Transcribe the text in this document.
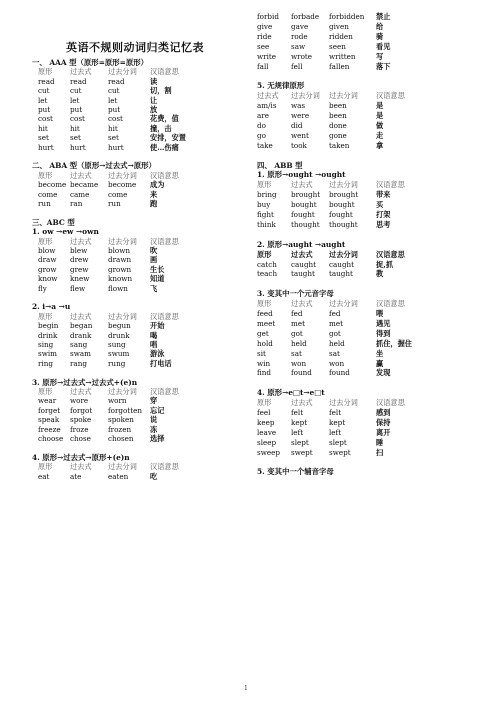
英语不规则动词归类记忆表
一、 AAA 型（原形=原形=原形）
原形 过去式 过去分词 汉语意思
read read	read	读
cut	cut	cut	切，割
let	let	let	让
put	put	put	放
cost cost	cost	花费，值
hit	hit	hit	撞，击
set	set	set	安排，安置
hurt hurt	hurt	使…伤痛
二、 ABA 型（原形→过去式→原形）
原形 过去式 过去分词 汉语意思
become became become 成为
come came	come	来
run	ran	run	跑
三、ABC 型
1. ow →ew →own
原形 过去式 过去分词 汉语意思
blow blew	blown	吹
draw drew	drawn	画
grow grew	grown	生长
know knew	known 知道
fly	flew	flown	飞
2. i→a →u
原形 过去式 过去分词 汉语意思
begin began begun	开始
drink drank drunk	喝
sing sang	sung	唱
swim swam swum	游泳
ring rang	rung	打电话
3. 原形→过去式→过去式+(e)n
原形 过去式 过去分词 汉语意思
wear wore	worn	穿
forget forgot forgotten 忘记
speak spoke spoken 说
freeze froze	frozen	冻
choose chose chosen 选择
4. 原形→过去式→原形+(e)n
原形 过去式 过去分词 汉语意思
eat	ate	eaten	吃
forbid forbade forbidden 禁止
give	gave	given	给
ride	rode	ridden	骑
see	saw	seen	看见
write wrote written	写
fall	fell	fallen	落下
5. 无规律原形
过去式 过去分词 过去分词	汉语意思
am/is was	been	是
are	were	been	是
do	did	done	做
go	went	gone	走
take	took	taken	拿
四、 ABB 型
1. 原形→ought →ought
原形	过去式 过去分词	汉语意思
bring brought brought 带来
buy	bought bought	买
fight fought fought	打架
think thought thought	思考
2. 原形→aught →aught
原形	过去式 过去分词	汉语意思
catch caught caught	捉,抓
teach taught taught	教
3. 变其中一个元音字母
原形	过去式 过去分词	汉语意思
feed	fed	fed	喂
meet met	met	遇见
get	got	got	得到
hold	held	held	抓住，握住
sit	sat	sat	坐
win	won	won	赢
find	found found	发现
4. 原形→e□t→e□t
原形	过去式 过去分词	汉语意思
feel	felt	felt	感到
keep kept	kept	保持
leave left	left	离开
sleep slept	slept	睡
sweep swept swept	扫
5. 变其中一个辅音字母
1
